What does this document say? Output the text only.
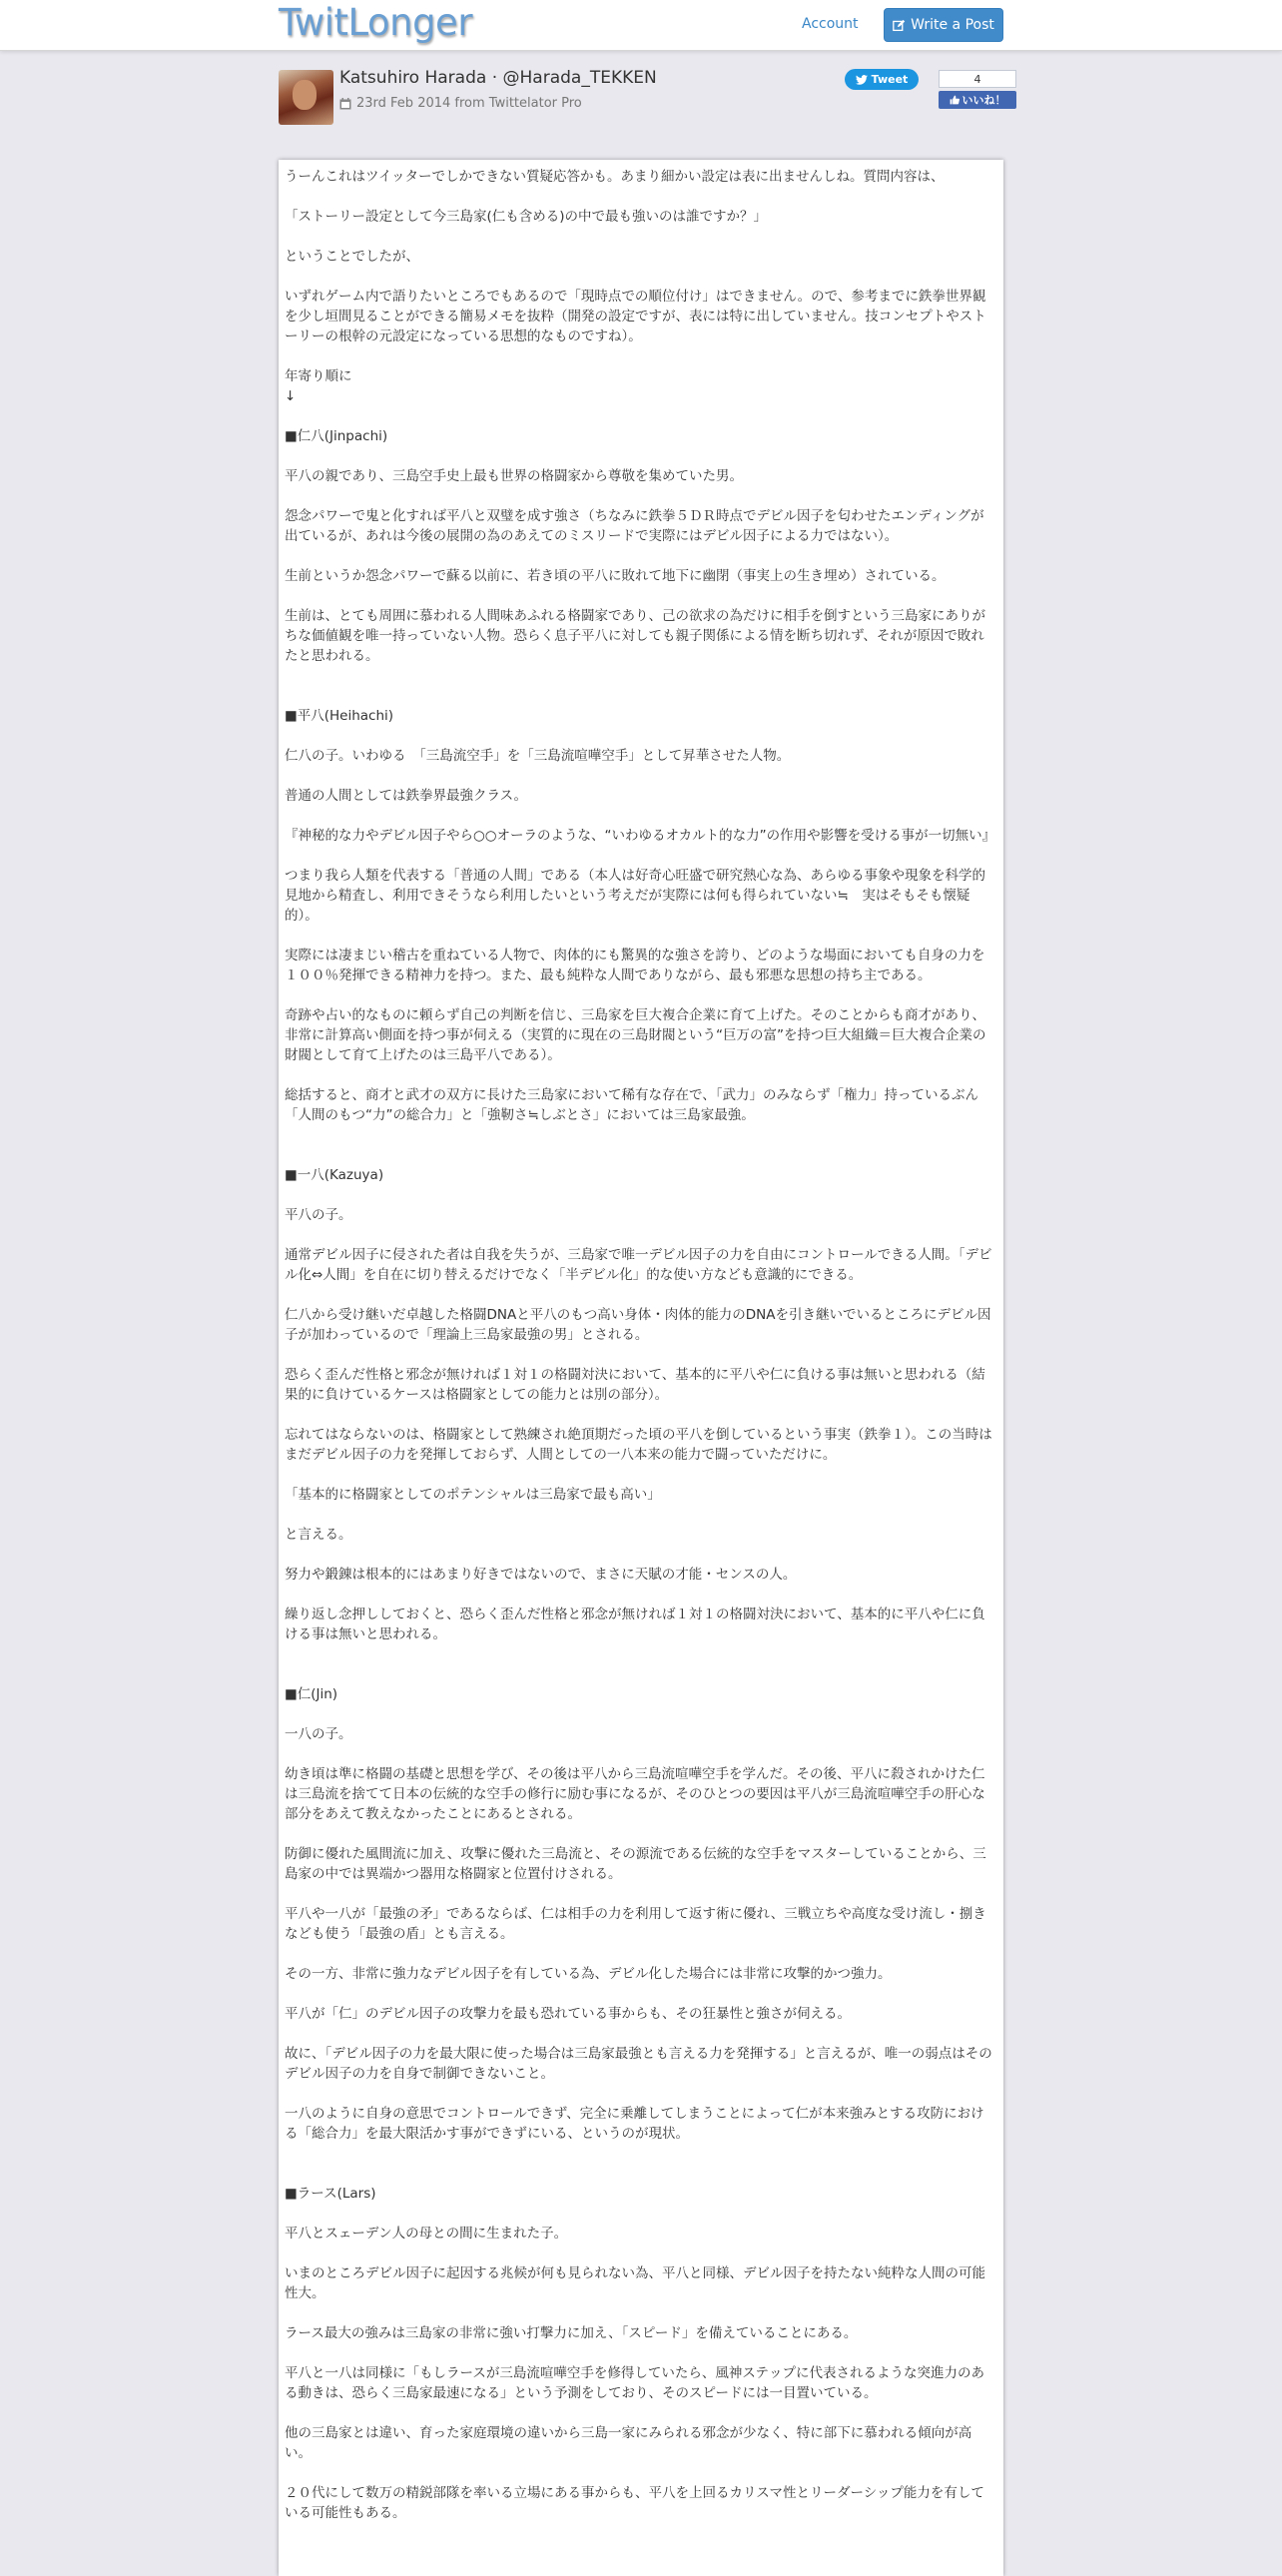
TwitLonger	Account	Write a Post
Katsuhiro Harada · @Harada_TEKKEN
23rd Feb 2014 from Twittelator Pro
Tweet	4
いいね！

うーんこれはツイッターでしかできない質疑応答かも。あまり細かい設定は表に出ませんしね。質問内容は、

「ストーリー設定として今三島家(仁も含める)の中で最も強いのは誰ですか？」

ということでしたが、

いずれゲーム内で語りたいところでもあるので「現時点での順位付け」はできません。ので、参考までに鉄拳世界観を少し垣間見ることができる簡易メモを抜粋（開発の設定ですが、表には特に出していません。技コンセプトやストーリーの根幹の元設定になっている思想的なものですね）。

年寄り順に
↓

■仁八(Jinpachi)

平八の親であり、三島空手史上最も世界の格闘家から尊敬を集めていた男。

怨念パワーで鬼と化すれば平八と双璧を成す強さ（ちなみに鉄拳５ＤＲ時点でデビル因子を匂わせたエンディングが出ているが、あれは今後の展開の為のあえてのミスリードで実際にはデビル因子による力ではない）。

生前というか怨念パワーで蘇る以前に、若き頃の平八に敗れて地下に幽閉（事実上の生き埋め）されている。

生前は、とても周囲に慕われる人間味あふれる格闘家であり、己の欲求の為だけに相手を倒すという三島家にありがちな価値観を唯一持っていない人物。恐らく息子平八に対しても親子関係による情を断ち切れず、それが原因で敗れたと思われる。

■平八(Heihachi)

仁八の子。いわゆる　「三島流空手」を「三島流喧嘩空手」として昇華させた人物。

普通の人間としては鉄拳界最強クラス。

『神秘的な力やデビル因子やら○○オーラのような、“いわゆるオカルト的な力”の作用や影響を受ける事が一切無い』

つまり我ら人類を代表する「普通の人間」である（本人は好奇心旺盛で研究熱心な為、あらゆる事象や現象を科学的見地から精査し、利用できそうなら利用したいという考えだが実際には何も得られていない≒　実はそもそも懐疑的）。

実際には凄まじい稽古を重ねている人物で、肉体的にも驚異的な強さを誇り、どのような場面においても自身の力を１００％発揮できる精神力を持つ。また、最も純粋な人間でありながら、最も邪悪な思想の持ち主である。

奇跡や占い的なものに頼らず自己の判断を信じ、三島家を巨大複合企業に育て上げた。そのことからも商才があり、非常に計算高い側面を持つ事が伺える（実質的に現在の三島財閥という“巨万の富”を持つ巨大組織＝巨大複合企業の財閥として育て上げたのは三島平八である）。

総括すると、商才と武才の双方に長けた三島家において稀有な存在で、「武力」のみならず「権力」持っているぶん「人間のもつ“力”の総合力」と「強靭さ≒しぶとさ」においては三島家最強。

■一八(Kazuya)

平八の子。

通常デビル因子に侵された者は自我を失うが、三島家で唯一デビル因子の力を自由にコントロールできる人間。「デビル化⇔人間」を自在に切り替えるだけでなく「半デビル化」的な使い方なども意識的にできる。

仁八から受け継いだ卓越した格闘DNAと平八のもつ高い身体・肉体的能力のDNAを引き継いでいるところにデビル因子が加わっているので「理論上三島家最強の男」とされる。

恐らく歪んだ性格と邪念が無ければ１対１の格闘対決において、基本的に平八や仁に負ける事は無いと思われる（結果的に負けているケースは格闘家としての能力とは別の部分）。

忘れてはならないのは、格闘家として熟練され絶頂期だった頃の平八を倒しているという事実（鉄拳１）。この当時はまだデビル因子の力を発揮しておらず、人間としての一八本来の能力で闘っていただけに。

「基本的に格闘家としてのポテンシャルは三島家で最も高い」

と言える。

努力や鍛錬は根本的にはあまり好きではないので、まさに天賦の才能・センスの人。

繰り返し念押ししておくと、恐らく歪んだ性格と邪念が無ければ１対１の格闘対決において、基本的に平八や仁に負ける事は無いと思われる。

■仁(Jin)

一八の子。

幼き頃は準に格闘の基礎と思想を学び、その後は平八から三島流喧嘩空手を学んだ。その後、平八に殺されかけた仁は三島流を捨てて日本の伝統的な空手の修行に励む事になるが、そのひとつの要因は平八が三島流喧嘩空手の肝心な部分をあえて教えなかったことにあるとされる。

防御に優れた風間流に加え、攻撃に優れた三島流と、その源流である伝統的な空手をマスターしていることから、三島家の中では異端かつ器用な格闘家と位置付けされる。

平八や一八が「最強の矛」であるならば、仁は相手の力を利用して返す術に優れ、三戦立ちや高度な受け流し・捌きなども使う「最強の盾」とも言える。

その一方、非常に強力なデビル因子を有している為、デビル化した場合には非常に攻撃的かつ強力。

平八が「仁」のデビル因子の攻撃力を最も恐れている事からも、その狂暴性と強さが伺える。

故に、「デビル因子の力を最大限に使った場合は三島家最強とも言える力を発揮する」と言えるが、唯一の弱点はそのデビル因子の力を自身で制御できないこと。

一八のように自身の意思でコントロールできず、完全に乗離してしまうことによって仁が本来強みとする攻防における「総合力」を最大限活かす事ができずにいる、というのが現状。

■ラース(Lars)

平八とスェーデン人の母との間に生まれた子。

いまのところデビル因子に起因する兆候が何も見られない為、平八と同様、デビル因子を持たない純粋な人間の可能性大。

ラース最大の強みは三島家の非常に強い打撃力に加え、「スピード」を備えていることにある。

平八と一八は同様に「もしラースが三島流喧嘩空手を修得していたら、風神ステップに代表されるような突進力のある動きは、恐らく三島家最速になる」という予測をしており、そのスピードには一目置いている。

他の三島家とは違い、育った家庭環境の違いから三島一家にみられる邪念が少なく、特に部下に慕われる傾向が高い。

２０代にして数万の精鋭部隊を率いる立場にある事からも、平八を上回るカリスマ性とリーダーシップ能力を有している可能性もある。
